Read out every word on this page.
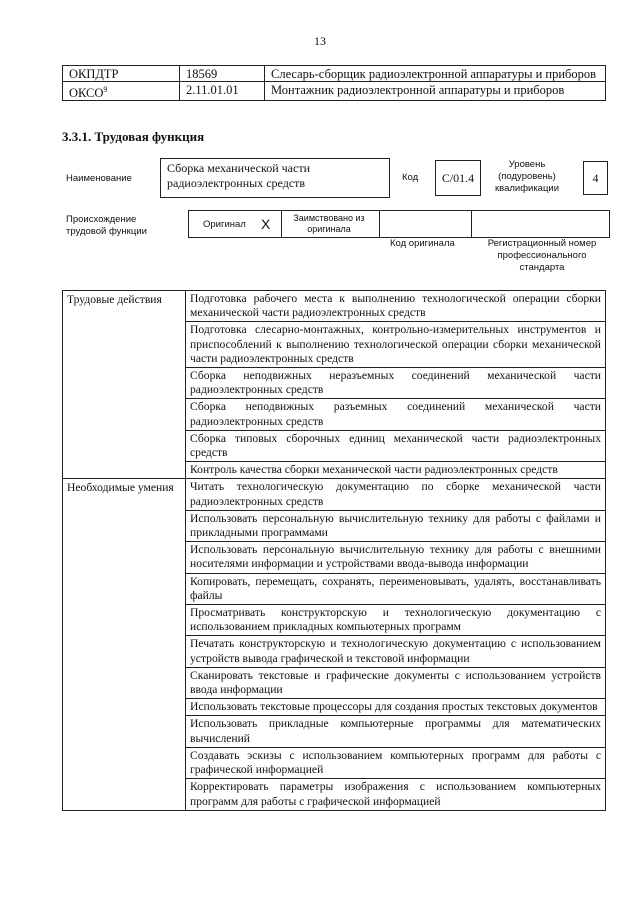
13
ОКПДТР	18569	Слесарь-сборщик радиоэлектронной аппаратуры и приборов
ОКСО$^9$	2.11.01.01	Монтажник радиоэлектронной аппаратуры и приборов
3.3.1. Трудовая функция
Наименование
Сборка механической части радиоэлектронных средств	Код	C/01.4
Уровень (подуровень) квалификации
4
Происхождение трудовой функции
Оригинал X	Заимствовано из оригинала
Код оригинала	Регистрационный номер профессионального стандарта
Трудовые действия	Подготовка рабочего места к выполнению технологической операции сборки механической части радиоэлектронных средств
	Подготовка слесарно-монтажных, контрольно-измерительных инструментов и приспособлений к выполнению технологической операции сборки механической части радиоэлектронных средств
	Сборка неподвижных неразъемных соединений механической части радиоэлектронных средств
	Сборка неподвижных разъемных соединений механической части радиоэлектронных средств
	Сборка типовых сборочных единиц механической части радиоэлектронных средств
	Контроль качества сборки механической части радиоэлектронных средств
Необходимые умения	Читать технологическую документацию по сборке механической части радиоэлектронных средств
	Использовать персональную вычислительную технику для работы с файлами и прикладными программами
	Использовать персональную вычислительную технику для работы с внешними носителями информации и устройствами ввода-вывода информации
	Копировать, перемещать, сохранять, переименовывать, удалять, восстанавливать файлы
	Просматривать конструкторскую и технологическую документацию с использованием прикладных компьютерных программ
	Печатать конструкторскую и технологическую документацию с использованием устройств вывода графической и текстовой информации
	Сканировать текстовые и графические документы с использованием устройств ввода информации
	Использовать текстовые процессоры для создания простых текстовых документов
	Использовать прикладные компьютерные программы для математических вычислений
	Создавать эскизы с использованием компьютерных программ для работы с графической информацией
	Корректировать параметры изображения с использованием компьютерных программ для работы с графической информацией
